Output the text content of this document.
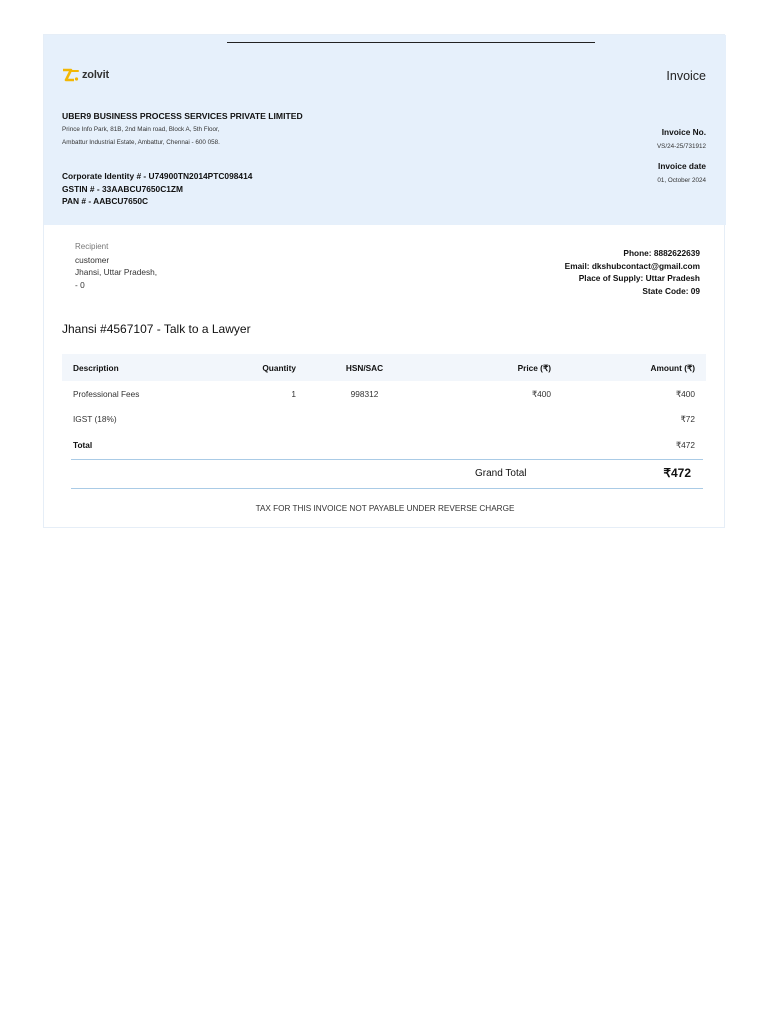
zolvit	Invoice
UBER9 BUSINESS PROCESS SERVICES PRIVATE LIMITED
Prince Info Park, 81B, 2nd Main road, Block A, 5th Floor,
Ambattur Industrial Estate, Ambattur, Chennai - 600 058.
Corporate Identity # - U74900TN2014PTC098414
GSTIN # - 33AABCU7650C1ZM
PAN # - AABCU7650C
Invoice No.
VS/24-25/731912
Invoice date
01, October 2024
Recipient
customer
Jhansi, Uttar Pradesh,
- 0
Phone: 8882622639
Email: dkshubcontact@gmail.com
Place of Supply: Uttar Pradesh
State Code: 09
Jhansi #4567107 - Talk to a Lawyer
Description	Quantity	HSN/SAC	Price (₹)	Amount (₹)
Professional Fees	1	998312	₹400	₹400
IGST (18%)				₹72
Total				₹472
Grand Total	₹472
TAX FOR THIS INVOICE NOT PAYABLE UNDER REVERSE CHARGE
